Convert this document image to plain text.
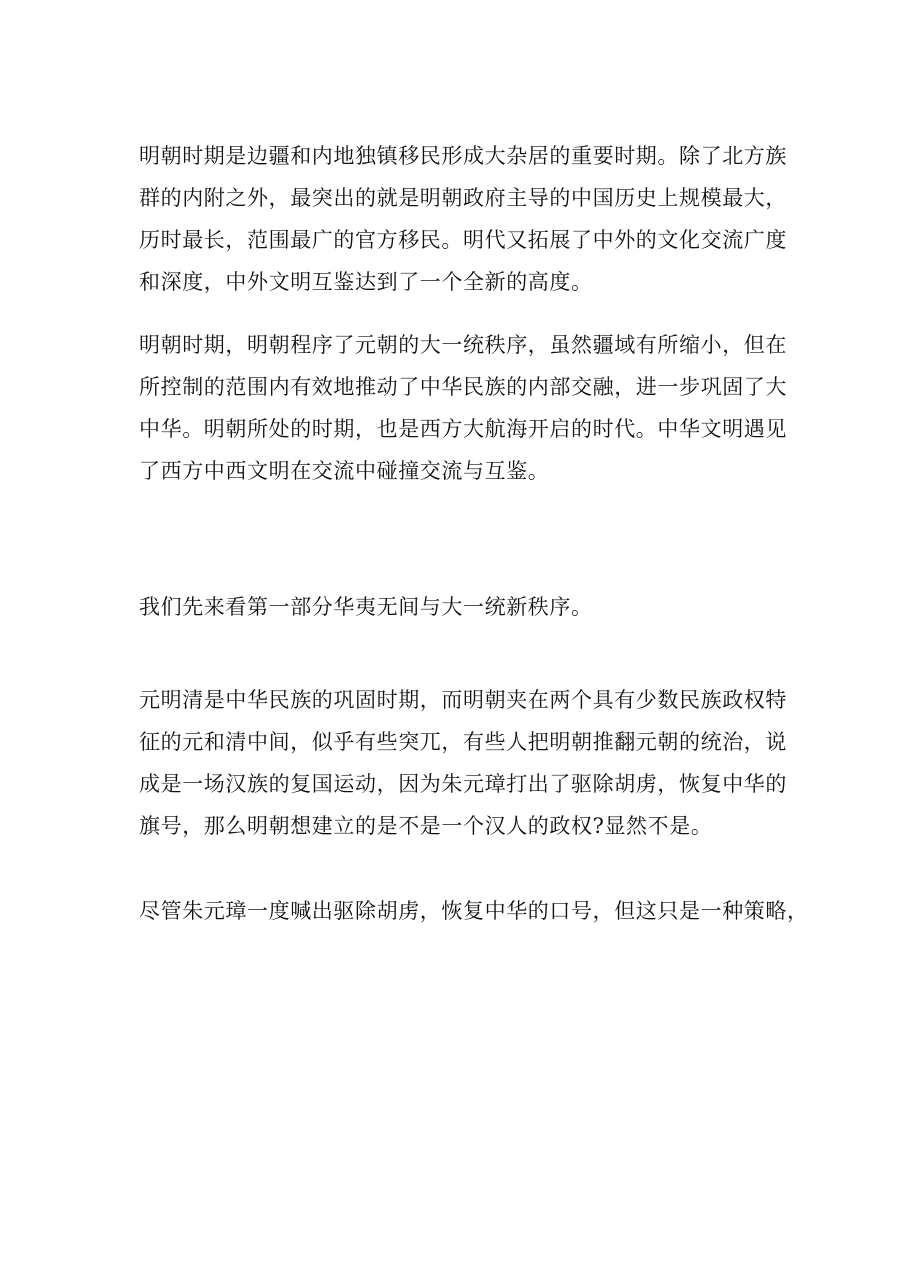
明朝时期是边疆和内地独镇移民形成大杂居的重要时期。除了北方族
群的内附之外，最突出的就是明朝政府主导的中国历史上规模最大，
历时最长，范围最广的官方移民。明代又拓展了中外的文化交流广度
和深度，中外文明互鉴达到了一个全新的高度。
明朝时期，明朝程序了元朝的大一统秩序，虽然疆域有所缩小，但在
所控制的范围内有效地推动了中华民族的内部交融，进一步巩固了大
中华。明朝所处的时期，也是西方大航海开启的时代。中华文明遇见
了西方中西文明在交流中碰撞交流与互鉴。
我们先来看第一部分华夷无间与大一统新秩序。
元明清是中华民族的巩固时期，而明朝夹在两个具有少数民族政权特
征的元和清中间，似乎有些突兀，有些人把明朝推翻元朝的统治，说
成是一场汉族的复国运动，因为朱元璋打出了驱除胡虏，恢复中华的
旗号，那么明朝想建立的是不是一个汉人的政权?显然不是。
尽管朱元璋一度喊出驱除胡虏，恢复中华的口号，但这只是一种策略，
